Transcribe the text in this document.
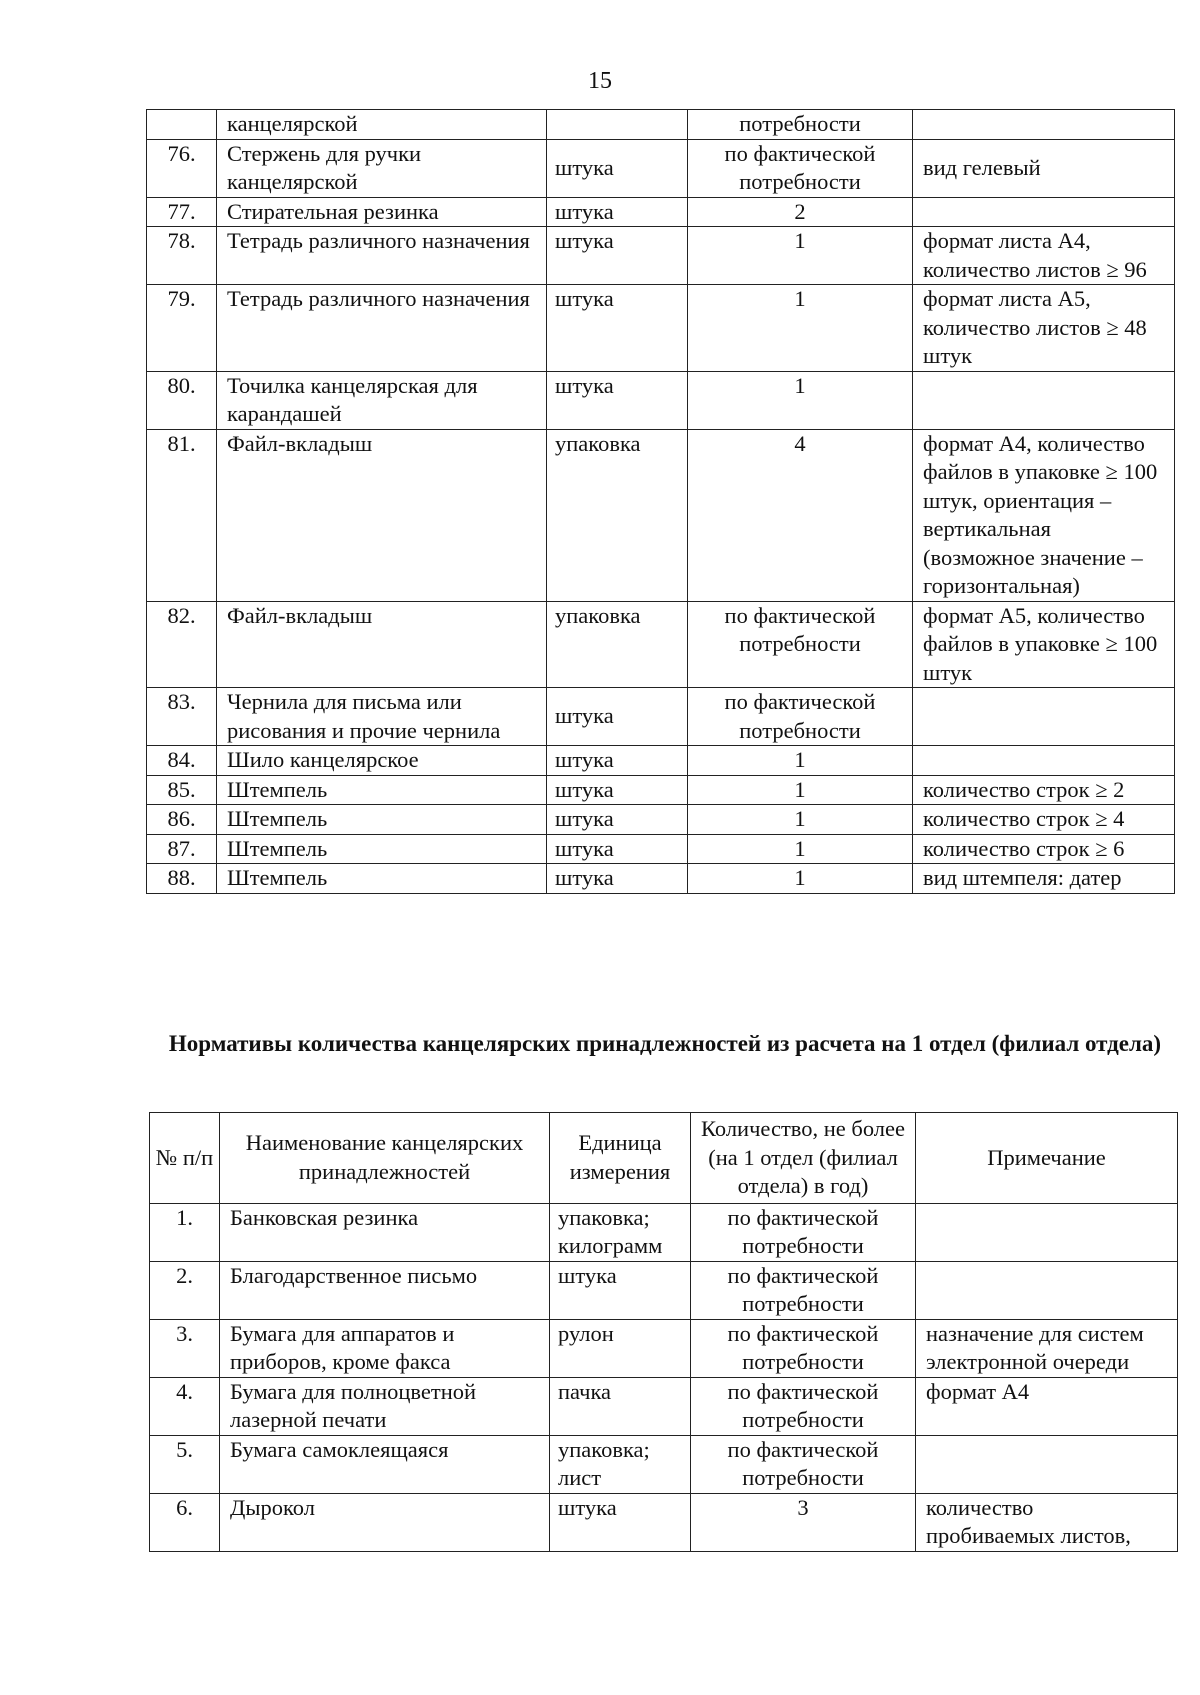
15
	канцелярской		потребности	
76.	Стержень для ручки канцелярской	штука	по фактической потребности	вид гелевый
77.	Стирательная резинка	штука	2	
78.	Тетрадь различного назначения	штука	1	формат листа А4, количество листов ≥ 96
79.	Тетрадь различного назначения	штука	1	формат листа А5, количество листов ≥ 48 штук
80.	Точилка канцелярская для карандашей	штука	1	
81.	Файл-вкладыш	упаковка	4	формат А4, количество файлов в упаковке ≥ 100 штук, ориентация – вертикальная (возможное значение – горизонтальная)
82.	Файл-вкладыш	упаковка	по фактической потребности	формат А5, количество файлов в упаковке ≥ 100 штук
83.	Чернила для письма или рисования и прочие чернила	штука	по фактической потребности	
84.	Шило канцелярское	штука	1	
85.	Штемпель	штука	1	количество строк ≥ 2
86.	Штемпель	штука	1	количество строк ≥ 4
87.	Штемпель	штука	1	количество строк ≥ 6
88.	Штемпель	штука	1	вид штемпеля: датер
Нормативы количества канцелярских принадлежностей из расчета на 1 отдел (филиал отдела)
№ п/п	Наименование канцелярских принадлежностей	Единица измерения	Количество, не более (на 1 отдел (филиал отдела) в год)	Примечание
1.	Банковская резинка	упаковка; килограмм	по фактической потребности	
2.	Благодарственное письмо	штука	по фактической потребности	
3.	Бумага для аппаратов и приборов, кроме факса	рулон	по фактической потребности	назначение для систем электронной очереди
4.	Бумага для полноцветной лазерной печати	пачка	по фактической потребности	формат А4
5.	Бумага самоклеящаяся	упаковка; лист	по фактической потребности	
6.	Дырокол	штука	3	количество пробиваемых листов,
